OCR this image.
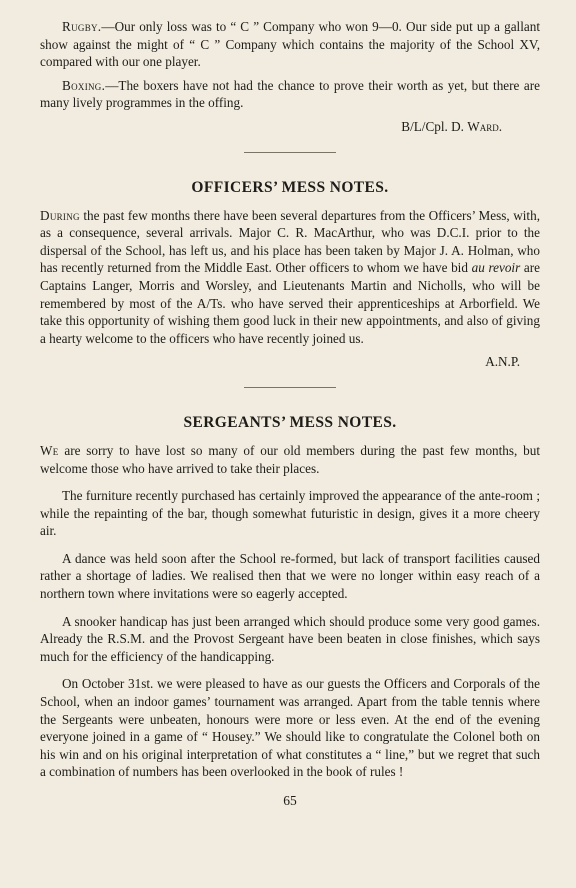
Rugby.—Our only loss was to “ C ” Company who won 9—0. Our side put up a gallant show against the might of “ C ” Company which contains the majority of the School XV, compared with our one player.

Boxing.—The boxers have not had the chance to prove their worth as yet, but there are many lively programmes in the offing.

B/L/Cpl. D. Ward.
OFFICERS’ MESS NOTES.

During the past few months there have been several departures from the Officers’ Mess, with, as a consequence, several arrivals. Major C. R. MacArthur, who was D.C.I. prior to the dispersal of the School, has left us, and his place has been taken by Major J. A. Holman, who has recently returned from the Middle East. Other officers to whom we have bid au revoir are Captains Langer, Morris and Worsley, and Lieutenants Martin and Nicholls, who will be remembered by most of the A/Ts. who have served their apprenticeships at Arborfield. We take this opportunity of wishing them good luck in their new appointments, and also of giving a hearty welcome to the officers who have recently joined us.

A.N.P.
SERGEANTS’ MESS NOTES.

We are sorry to have lost so many of our old members during the past few months, but welcome those who have arrived to take their places.

The furniture recently purchased has certainly improved the appearance of the ante-room ; while the repainting of the bar, though somewhat futuristic in design, gives it a more cheery air.

A dance was held soon after the School re-formed, but lack of transport facilities caused rather a shortage of ladies. We realised then that we were no longer within easy reach of a northern town where invitations were so eagerly accepted.

A snooker handicap has just been arranged which should produce some very good games. Already the R.S.M. and the Provost Sergeant have been beaten in close finishes, which says much for the efficiency of the handicapping.

On October 31st. we were pleased to have as our guests the Officers and Corporals of the School, when an indoor games’ tournament was arranged. Apart from the table tennis where the Sergeants were unbeaten, honours were more or less even. At the end of the evening everyone joined in a game of “ Housey.” We should like to congratulate the Colonel both on his win and on his original interpretation of what constitutes a “ line,” but we regret that such a combination of numbers has been overlooked in the book of rules !

65
